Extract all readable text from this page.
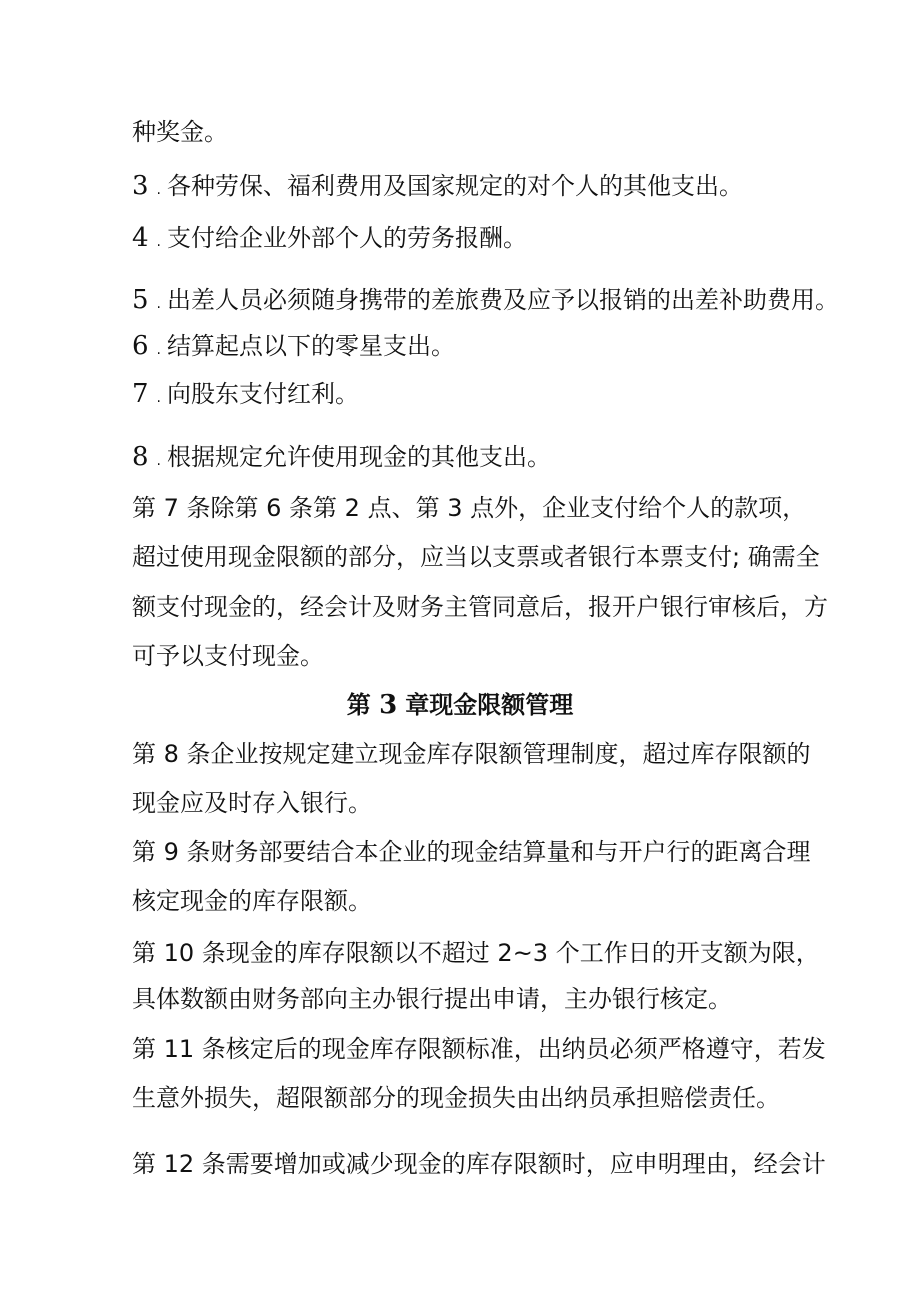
种奖金。

3 . 各种劳保、福利费用及国家规定的对个人的其他支出。

4 . 支付给企业外部个人的劳务报酬。

5 . 出差人员必须随身携带的差旅费及应予以报销的出差补助费用。

6 . 结算起点以下的零星支出。

7 . 向股东支付红利。

8 . 根据规定允许使用现金的其他支出。

第 7 条除第 6 条第 2 点、第 3 点外，企业支付给个人的款项，

超过使用现金限额的部分，应当以支票或者银行本票支付; 确需全

额支付现金的，经会计及财务主管同意后，报开户银行审核后，方

可予以支付现金。

第 3 章现金限额管理

第 8 条企业按规定建立现金库存限额管理制度，超过库存限额的

现金应及时存入银行。

第 9 条财务部要结合本企业的现金结算量和与开户行的距离合理

核定现金的库存限额。

第 10 条现金的库存限额以不超过 2~3 个工作日的开支额为限，

具体数额由财务部向主办银行提出申请，主办银行核定。

第 11 条核定后的现金库存限额标准，出纳员必须严格遵守，若发

生意外损失，超限额部分的现金损失由出纳员承担赔偿责任。

第 12 条需要增加或减少现金的库存限额时，应申明理由，经会计
